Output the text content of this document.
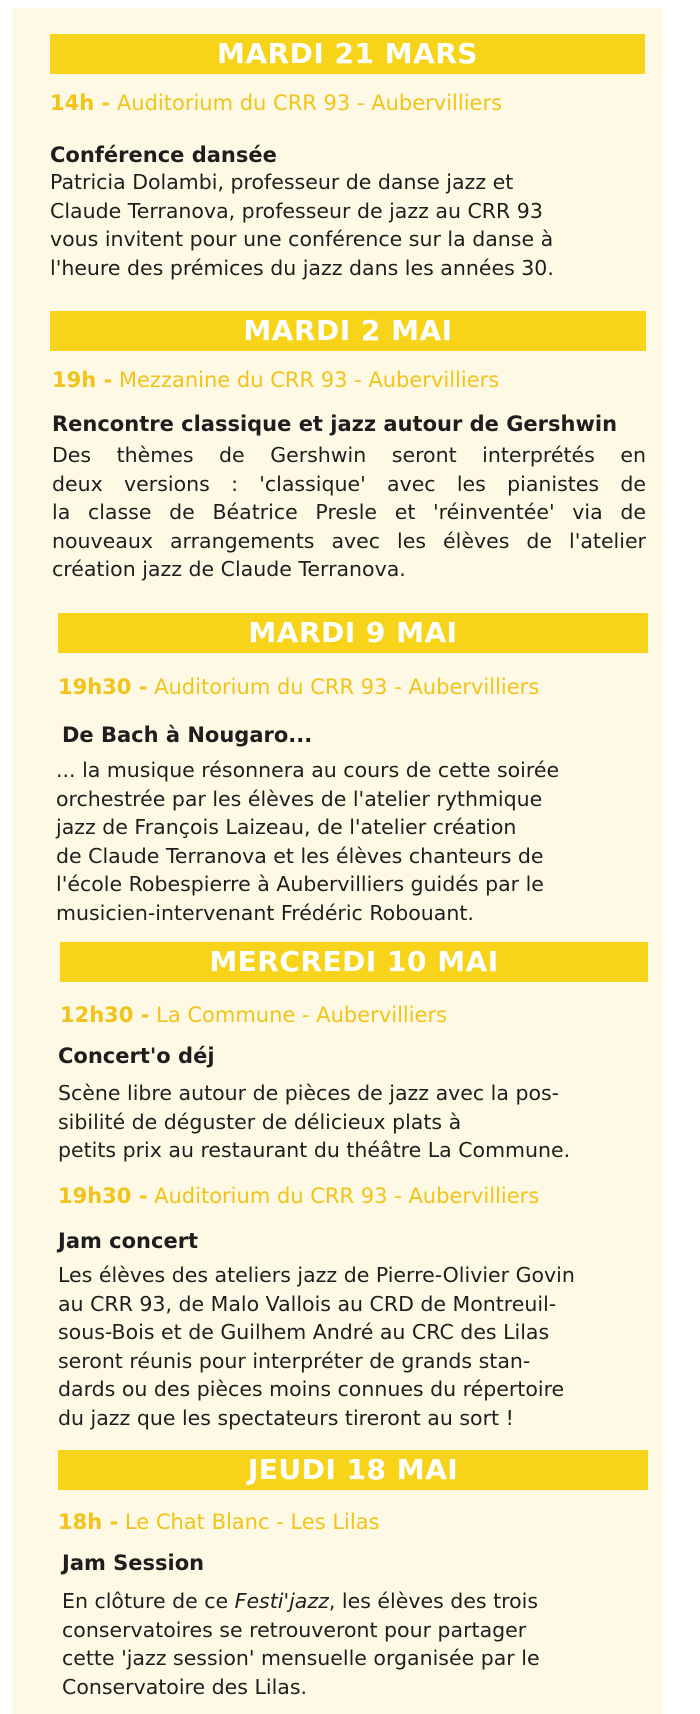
MARDI 21 MARS
14h - Auditorium du CRR 93 - Aubervilliers
Conférence dansée
Patricia Dolambi, professeur de danse jazz et
Claude Terranova, professeur de jazz au CRR 93
vous invitent pour une conférence sur la danse à
l'heure des prémices du jazz dans les années 30.
MARDI 2 MAI
19h - Mezzanine du CRR 93 - Aubervilliers
Rencontre classique et jazz autour de Gershwin
Des thèmes de Gershwin seront interprétés en
deux versions : 'classique' avec les pianistes de
la classe de Béatrice Presle et 'réinventée' via de
nouveaux arrangements avec les élèves de l'atelier
création jazz de Claude Terranova.
MARDI 9 MAI
19h30 - Auditorium du CRR 93 - Aubervilliers
De Bach à Nougaro...
... la musique résonnera au cours de cette soirée
orchestrée par les élèves de l'atelier rythmique
jazz de François Laizeau, de l'atelier création
de Claude Terranova et les élèves chanteurs de
l'école Robespierre à Aubervilliers guidés par le
musicien-intervenant Frédéric Robouant.
MERCREDI 10 MAI
12h30 - La Commune - Aubervilliers
Concert'o déj
Scène libre autour de pièces de jazz avec la pos-
sibilité de déguster de délicieux plats à
petits prix au restaurant du théâtre La Commune.
19h30 - Auditorium du CRR 93 - Aubervilliers
Jam concert
Les élèves des ateliers jazz de Pierre-Olivier Govin
au CRR 93, de Malo Vallois au CRD de Montreuil-
sous-Bois et de Guilhem André au CRC des Lilas
seront réunis pour interpréter de grands stan-
dards ou des pièces moins connues du répertoire
du jazz que les spectateurs tireront au sort !
JEUDI 18 MAI
18h - Le Chat Blanc - Les Lilas
Jam Session
En clôture de ce Festi'jazz, les élèves des trois
conservatoires se retrouveront pour partager
cette 'jazz session' mensuelle organisée par le
Conservatoire des Lilas.
